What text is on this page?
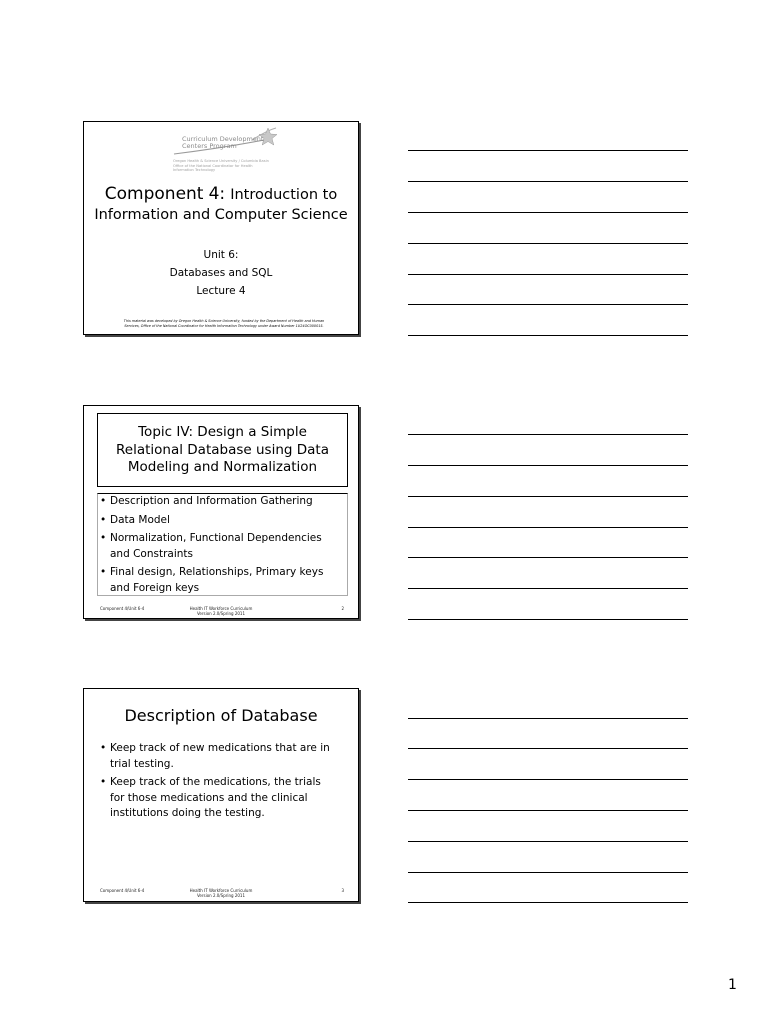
Curriculum Development
Centers Program
Oregon Health & Science University / Columbia Basin
Office of the National Coordinator for Health
Information Technology
Component 4: Introduction to
Information and Computer Science
Unit 6:
Databases and SQL
Lecture 4
This material was developed by Oregon Health & Science University, funded by the Department of Health and Human
Services, Office of the National Coordinator for Health Information Technology under Award Number 1U24OC000015.
Topic IV: Design a Simple
Relational Database using Data
Modeling and Normalization
• Description and Information Gathering
• Data Model
• Normalization, Functional Dependencies
and Constraints
• Final design, Relationships, Primary keys
and Foreign keys
Component 4/Unit 6-4	Health IT Workforce Curriculum
Version 2.0/Spring 2011
2
Description of Database
• Keep track of new medications that are in
trial testing.
• Keep track of the medications, the trials
for those medications and the clinical
institutions doing the testing.
Component 4/Unit 6-4	Health IT Workforce Curriculum
Version 2.0/Spring 2011
3
1
